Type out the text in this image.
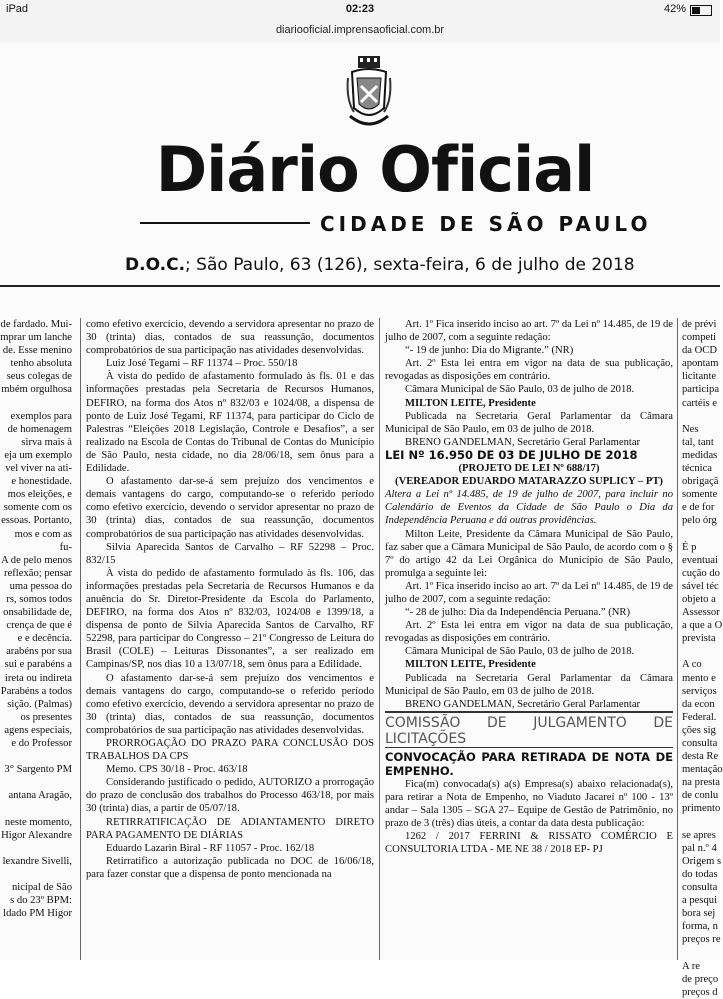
iPad	02:23	42%
diariooficial.imprensaoficial.com.br
Diário Oficial
CIDADE DE SÃO PAULO
D.O.C.; São Paulo, 63 (126), sexta-feira, 6 de julho de 2018

de fardado. Mui-

mprar um lanche

de. Esse menino

tenho absoluta

seus colegas de

mbém orgulhosa

exemplos para

de homenagem

sirva mais à

eja um exemplo

vel viver na ati-

e honestidade.

mos eleições, e

somente com os

essoas. Portanto,

mos e com as fu-

A de pelo menos

reflexão; pensar

uma pessoa do

rs, somos todos

onsabilidade de,

crença de que é

e e decência.

arabéns por sua

sui e parabéns a

ireta ou indireta

Parabéns a todos

sição. (Palmas)

os presentes

agens especiais,

e do Professor

3° Sargento PM

antana Aragão,

neste momento,

Higor Alexandre

lexandre Sivelli,

nicipal de São

s do 23º BPM:

ldado PM Higor

como efetivo exercício, devendo a servidora apresentar no prazo de 30 (trinta) dias, contados de sua reassunção, documentos comprobatórios de sua participação nas atividades desenvolvidas.

Luiz José Tegami – RF 11374 – Proc. 550/18

À vista do pedido de afastamento formulado às fls. 01 e das informações prestadas pela Secretaria de Recursos Humanos, DEFIRO, na forma dos Atos nº 832/03 e 1024/08, a dispensa de ponto de Luiz José Tegami, RF 11374, para participar do Ciclo de Palestras “Eleições 2018 Legislação, Controle e Desafios”, a ser realizado na Escola de Contas do Tribunal de Contas do Município de São Paulo, nesta cidade, no dia 28/06/18, sem ônus para a Edilidade.

O afastamento dar-se-á sem prejuízo dos vencimentos e demais vantagens do cargo, computando-se o referido período como efetivo exercício, devendo o servidor apresentar no prazo de 30 (trinta) dias, contados de sua reassunção, documentos comprobatórios de sua participação nas atividades desenvolvidas.

Silvia Aparecida Santos de Carvalho – RF 52298 – Proc. 832/15

À vista do pedido de afastamento formulado às fls. 106, das informações prestadas pela Secretaria de Recursos Humanos e da anuência do Sr. Diretor-Presidente da Escola do Parlamento, DEFIRO, na forma dos Atos nº 832/03, 1024/08 e 1399/18, a dispensa de ponto de Silvia Aparecida Santos de Carvalho, RF 52298, para participar do Congresso – 21º Congresso de Leitura do Brasil (COLE) – Leituras Dissonantes”, a ser realizado em Campinas/SP, nos dias 10 a 13/07/18, sem ônus para a Edilidade.

O afastamento dar-se-á sem prejuízo dos vencimentos e demais vantagens do cargo, computando-se o referido período como efetivo exercício, devendo a servidora apresentar no prazo de 30 (trinta) dias, contados de sua reassunção, documentos comprobatórios de sua participação nas atividades desenvolvidas.

PRORROGAÇÃO DO PRAZO PARA CONCLUSÃO DOS TRABALHOS DA CPS

Memo. CPS 30/18 - Proc. 463/18

Considerando justificado o pedido, AUTORIZO a prorrogação do prazo de conclusão dos trabalhos do Processo 463/18, por mais 30 (trinta) dias, a partir de 05/07/18.

RETIRRATIFICAÇÃO DE ADIANTAMENTO DIRETO PARA PAGAMENTO DE DIÁRIAS

Eduardo Lazarin Biral - RF 11057 - Proc. 162/18

Retirratifico a autorização publicada no DOC de 16/06/18, para fazer constar que a dispensa de ponto mencionada na

Art. 1º Fica inserido inciso ao art. 7º da Lei nº 14.485, de 19 de julho de 2007, com a seguinte redação:

“- 19 de junho: Dia do Migrante.” (NR)

Art. 2º Esta lei entra em vigor na data de sua publicação, revogadas as disposições em contrário.

Câmara Municipal de São Paulo, 03 de julho de 2018.

MILTON LEITE, Presidente

Publicada na Secretaria Geral Parlamentar da Câmara Municipal de São Paulo, em 03 de julho de 2018.

BRENO GANDELMAN, Secretário Geral Parlamentar

LEI Nº 16.950 DE 03 DE JULHO DE 2018

(PROJETO DE LEI Nº 688/17)

(VEREADOR EDUARDO MATARAZZO SUPLICY – PT)

Altera a Lei nº 14.485, de 19 de julho de 2007, para incluir no Calendário de Eventos da Cidade de São Paulo o Dia da Independência Peruana e dá outras providências.

Milton Leite, Presidente da Câmara Municipal de São Paulo, faz saber que a Câmara Municipal de São Paulo, de acordo com o § 7º do artigo 42 da Lei Orgânica do Município de São Paulo, promulga a seguinte lei:

Art. 1º Fica inserido inciso ao art. 7º da Lei nº 14.485, de 19 de julho de 2007, com a seguinte redação:

“- 28 de julho: Dia da Independência Peruana.” (NR)

Art. 2º Esta lei entra em vigor na data de sua publicação, revogadas as disposições em contrário.

Câmara Municipal de São Paulo, 03 de julho de 2018.

MILTON LEITE, Presidente

Publicada na Secretaria Geral Parlamentar da Câmara Municipal de São Paulo, em 03 de julho de 2018.

BRENO GANDELMAN, Secretário Geral Parlamentar

COMISSÃO DE JULGAMENTO DE LICITAÇÕES

CONVOCAÇÃO PARA RETIRADA DE NOTA DE EMPENHO.

Fica(m) convocada(s) a(s) Empresa(s) abaixo relacionada(s), para retirar a Nota de Empenho, no Viaduto Jacareí nº 100 - 13º andar – Sala 1305 – SGA 27– Equipe de Gestão de Patrimônio, no prazo de 3 (três) dias úteis, a contar da data desta publicação:

1262 / 2017 FERRINI & RISSATO COMÉRCIO E CONSULTORIA LTDA - ME NE 38 / 2018 EP- PJ

de prévi

competi

da OCD

apontam

licitante

participa

cartéis e

Nes

tal, tant

medidas

técnica

obrigaçã

somente

e de for

pelo órg

É p

eventuai

cução do

sável téc

objeto a

Assessor

a que a O

prevista

A co

mento e

serviços

da econ

Federal.

ções sig

consulta

desta Re

mentação

na presta

de conlu

primento

se apres

pal n.º 4

Origem s

do todas

consulta

a pesqui

bora sej

forma, n

preços re

A re

de preço

preços d
